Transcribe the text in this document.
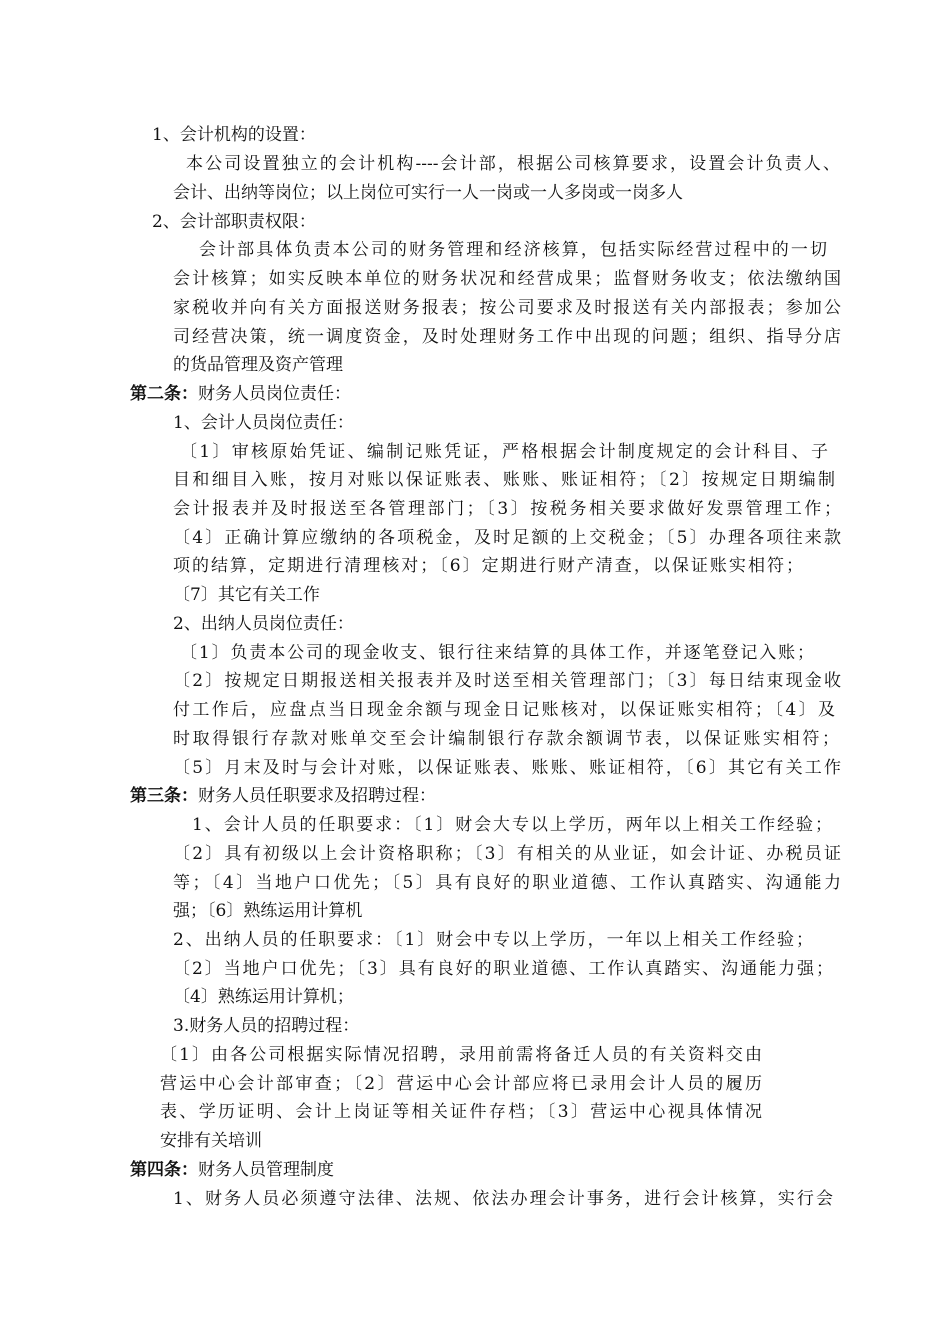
1、会计机构的设置：

本公司设置独立的会计机构----会计部，根据公司核算要求，设置会计负责人、

会计、出纳等岗位；以上岗位可实行一人一岗或一人多岗或一岗多人

2、会计部职责权限：

会计部具体负责本公司的财务管理和经济核算，包括实际经营过程中的一切

会计核算；如实反映本单位的财务状况和经营成果；监督财务收支；依法缴纳国

家税收并向有关方面报送财务报表；按公司要求及时报送有关内部报表；参加公

司经营决策，统一调度资金，及时处理财务工作中出现的问题；组织、指导分店

的货品管理及资产管理

第二条：财务人员岗位责任：

1、会计人员岗位责任：

〔1〕审核原始凭证、编制记账凭证，严格根据会计制度规定的会计科目、子

目和细目入账，按月对账以保证账表、账账、账证相符；〔2〕按规定日期编制

会计报表并及时报送至各管理部门；〔3〕按税务相关要求做好发票管理工作；

〔4〕正确计算应缴纳的各项税金，及时足额的上交税金；〔5〕办理各项往来款

项的结算，定期进行清理核对；〔6〕定期进行财产清查，以保证账实相符；

〔7〕其它有关工作

2、出纳人员岗位责任：

〔1〕负责本公司的现金收支、银行往来结算的具体工作，并逐笔登记入账；

〔2〕按规定日期报送相关报表并及时送至相关管理部门；〔3〕每日结束现金收

付工作后，应盘点当日现金余额与现金日记账核对，以保证账实相符；〔4〕及

时取得银行存款对账单交至会计编制银行存款余额调节表，以保证账实相符；

〔5〕月末及时与会计对账，以保证账表、账账、账证相符，〔6〕其它有关工作

第三条：财务人员任职要求及招聘过程：

1、会计人员的任职要求：〔1〕财会大专以上学历，两年以上相关工作经验；

〔2〕具有初级以上会计资格职称；〔3〕有相关的从业证，如会计证、办税员证

等；〔4〕当地户口优先；〔5〕具有良好的职业道德、工作认真踏实、沟通能力

强；〔6〕熟练运用计算机

2、出纳人员的任职要求：〔1〕财会中专以上学历，一年以上相关工作经验；

〔2〕当地户口优先；〔3〕具有良好的职业道德、工作认真踏实、沟通能力强；

〔4〕熟练运用计算机；

3.财务人员的招聘过程：

〔1〕由各公司根据实际情况招聘，录用前需将备迁人员的有关资料交由

营运中心会计部审查；〔2〕营运中心会计部应将已录用会计人员的履历

表、学历证明、会计上岗证等相关证件存档；〔3〕营运中心视具体情况

安排有关培训

第四条：财务人员管理制度

1、财务人员必须遵守法律、法规、依法办理会计事务，进行会计核算，实行会
